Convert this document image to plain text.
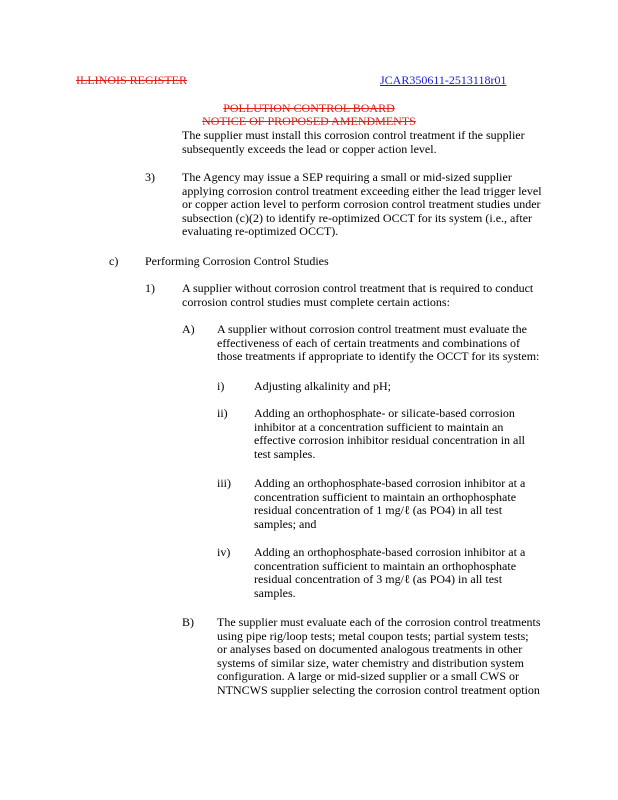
ILLINOIS REGISTER	JCAR350611-2513118r01
POLLUTION CONTROL BOARD
NOTICE OF PROPOSED AMENDMENTS
The supplier must install this corrosion control treatment if the supplier
subsequently exceeds the lead or copper action level.
3) The Agency may issue a SEP requiring a small or mid-sized supplier
applying corrosion control treatment exceeding either the lead trigger level
or copper action level to perform corrosion control treatment studies under
subsection (c)(2) to identify re-optimized OCCT for its system (i.e., after
evaluating re-optimized OCCT).
c) Performing Corrosion Control Studies
1) A supplier without corrosion control treatment that is required to conduct
corrosion control studies must complete certain actions:
A) A supplier without corrosion control treatment must evaluate the
effectiveness of each of certain treatments and combinations of
those treatments if appropriate to identify the OCCT for its system:
i) Adjusting alkalinity and pH;
ii) Adding an orthophosphate- or silicate-based corrosion
inhibitor at a concentration sufficient to maintain an
effective corrosion inhibitor residual concentration in all
test samples.
iii) Adding an orthophosphate-based corrosion inhibitor at a
concentration sufficient to maintain an orthophosphate
residual concentration of 1 mg/ℓ (as PO4) in all test
samples; and
iv) Adding an orthophosphate-based corrosion inhibitor at a
concentration sufficient to maintain an orthophosphate
residual concentration of 3 mg/ℓ (as PO4) in all test
samples.
B) The supplier must evaluate each of the corrosion control treatments
using pipe rig/loop tests; metal coupon tests; partial system tests;
or analyses based on documented analogous treatments in other
systems of similar size, water chemistry and distribution system
configuration. A large or mid-sized supplier or a small CWS or
NTNCWS supplier selecting the corrosion control treatment option
